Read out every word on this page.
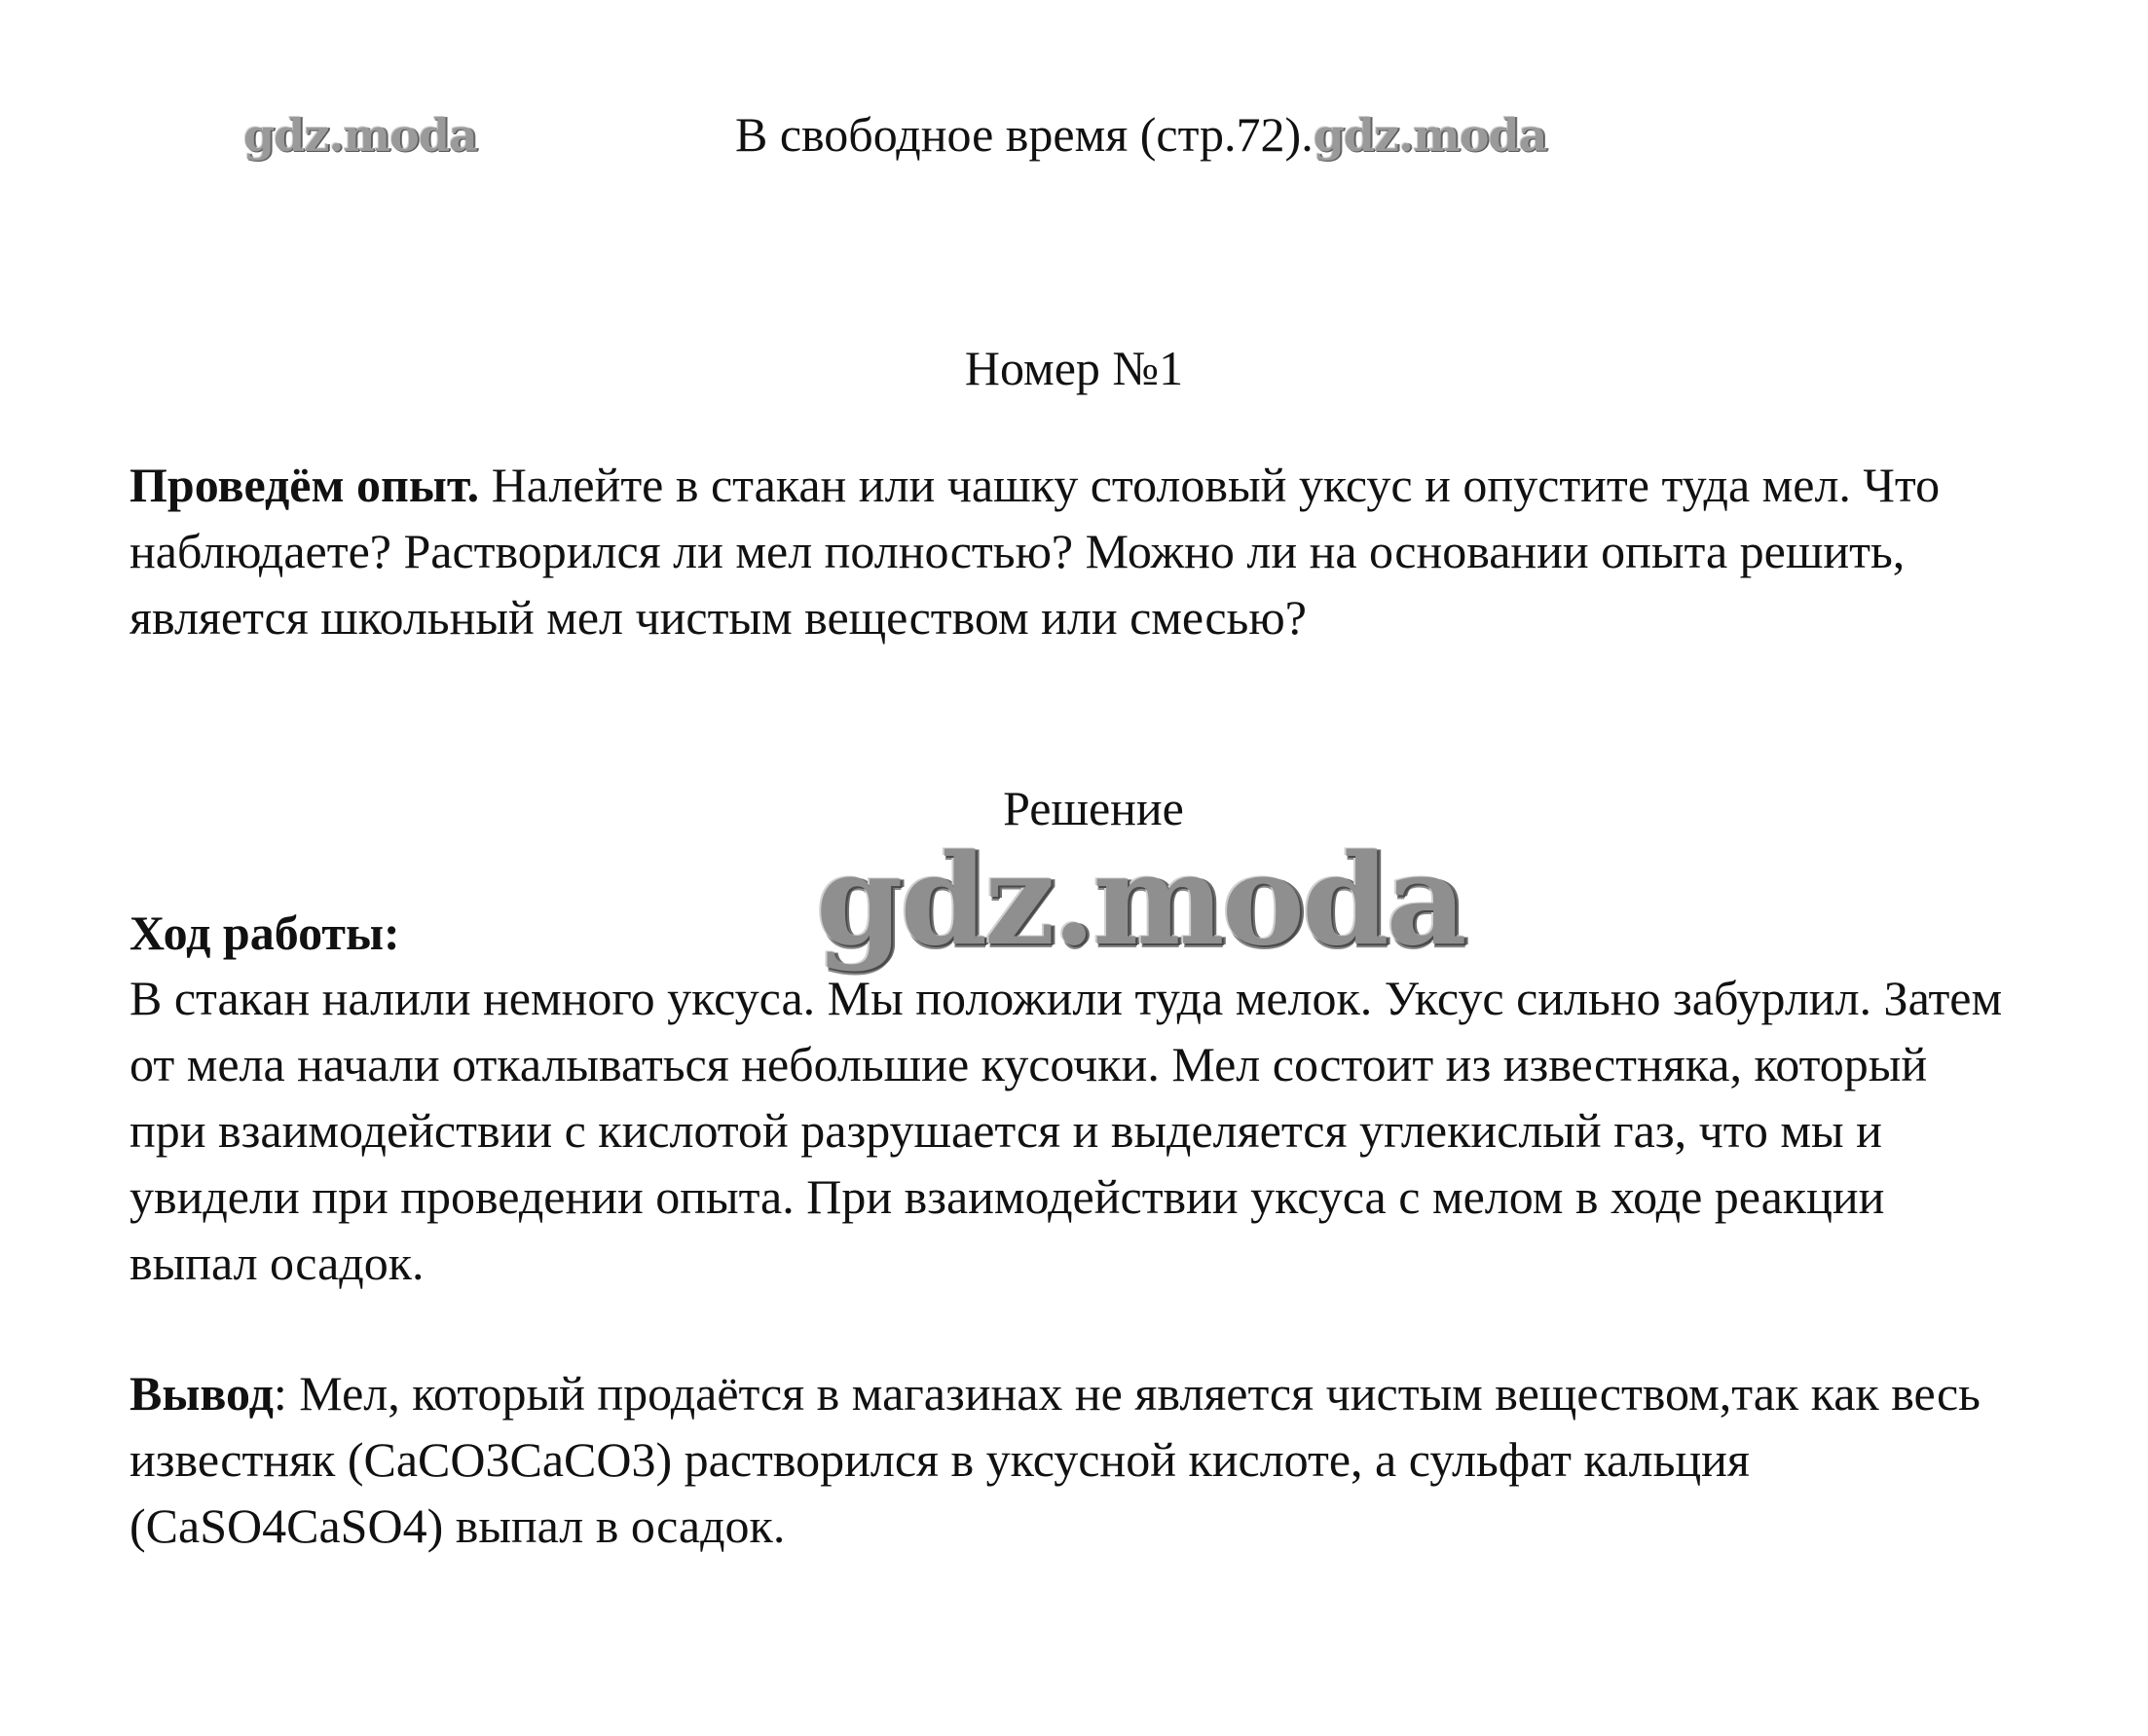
gdz.moda	В свободное время (стр.72).gdz.moda
Номер №1
Проведём опыт. Налейте в стакан или чашку столовый уксус и опустите туда мел. Что наблюдаете? Растворился ли мел полностью? Можно ли на основании опыта решить, является школьный мел чистым веществом или смесью?
Решение
gdz.moda
Ход работы:
В стакан налили немного уксуса. Мы положили туда мелок. Уксус сильно забурлил. Затем от мела начали откалываться небольшие кусочки. Мел состоит из известняка, который при взаимодействии с кислотой разрушается и выделяется углекислый газ, что мы и увидели при проведении опыта. При взаимодействии уксуса с мелом в ходе реакции выпал осадок.
Вывод: Мел, который продаётся в магазинах не является чистым веществом,так как весь известняк (CaCO3CaCO3) растворился в уксусной кислоте, а сульфат кальция (CaSO4CaSO4) выпал в осадок.
